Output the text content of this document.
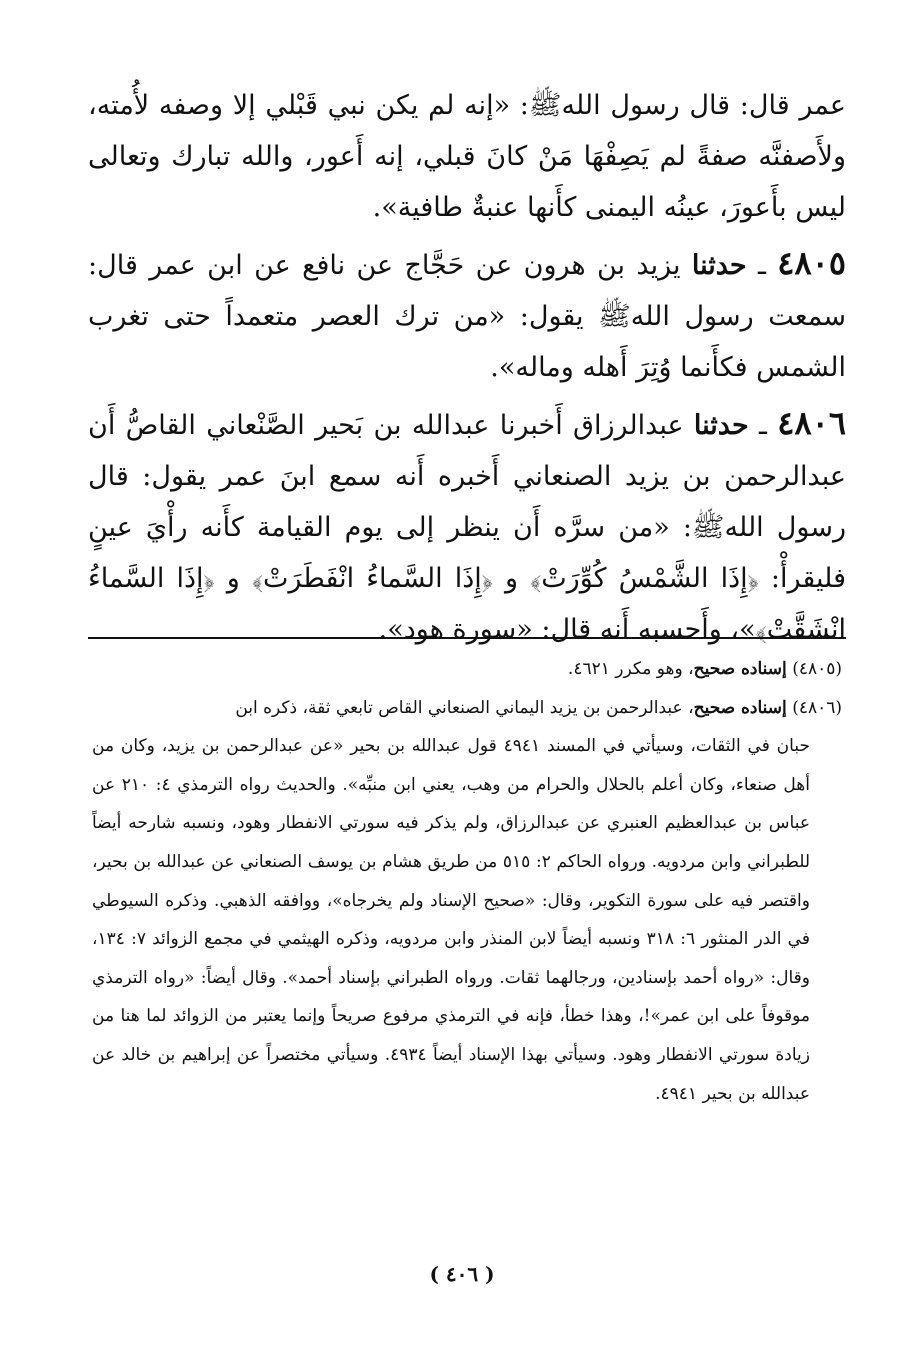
عمر قال: قال رسول اللهﷺ: «إنه لم يكن نبي قَبْلي إلا وصفه لأُمته، ولأَصفنَّه صفةً لم يَصِفْهَا مَنْ كانَ قبلي، إنه أَعور، والله تبارك وتعالى ليس بأَعورَ، عينُه اليمنى كأَنها عنبةٌ طافية».

٤٨٠٥ ـ حدثنا يزيد بن هرون عن حَجَّاج عن نافع عن ابن عمر قال: سمعت رسول اللهﷺ يقول: «من ترك العصر متعمداً حتى تغرب الشمس فكأَنما وُتِرَ أَهله وماله».

٤٨٠٦ ـ حدثنا عبدالرزاق أَخبرنا عبدالله بن بَحير الصَّنْعاني القاصُّ أَن عبدالرحمن بن يزيد الصنعاني أَخبره أَنه سمع ابنَ عمر يقول: قال رسول اللهﷺ: «من سرَّه أَن ينظر إلى يوم القيامة كأَنه رأْيَ عينٍ فليقرأْ: ﴿إِذَا الشَّمْسُ كُوِّرَتْ﴾ و ﴿إِذَا السَّماءُ انْفَطَرَتْ﴾ و ﴿إِذَا السَّماءُ انْشَقَّتْ﴾»، وأَحسبه أَنه قال: «سورة هود».

(٤٨٠٥) إسناده صحيح، وهو مكرر ٤٦٢١.

(٤٨٠٦) إسناده صحيح، عبدالرحمن بن يزيد اليماني الصنعاني القاص تابعي ثقة، ذكره ابن

حبان في الثقات، وسيأتي في المسند ٤٩٤١ قول عبدالله بن بحير «عن عبدالرحمن بن يزيد، وكان من أهل صنعاء، وكان أعلم بالحلال والحرام من وهب، يعني ابن منبِّه». والحديث رواه الترمذي ٤: ٢١٠ عن عباس بن عبدالعظيم العنبري عن عبدالرزاق، ولم يذكر فيه سورتي الانفطار وهود، ونسبه شارحه أيضاً للطبراني وابن مردويه. ورواه الحاكم ٢: ٥١٥ من طريق هشام بن يوسف الصنعاني عن عبدالله بن بحير، واقتصر فيه على سورة التكوير، وقال: «صحيح الإسناد ولم يخرجاه»، ووافقه الذهبي. وذكره السيوطي في الدر المنثور ٦: ٣١٨ ونسبه أيضاً لابن المنذر وابن مردويه، وذكره الهيثمي في مجمع الزوائد ٧: ١٣٤، وقال: «رواه أحمد بإسنادين، ورجالهما ثقات. ورواه الطبراني بإسناد أحمد». وقال أيضاً: «رواه الترمذي موقوفاً على ابن عمر»!، وهذا خطأ، فإنه في الترمذي مرفوع صريحاً وإنما يعتبر من الزوائد لما هنا من زيادة سورتي الانفطار وهود. وسيأتي بهذا الإسناد أيضاً ٤٩٣٤. وسيأتي مختصراً عن إبراهيم بن خالد عن عبدالله بن بحير ٤٩٤١.

( ٤٠٦ )
